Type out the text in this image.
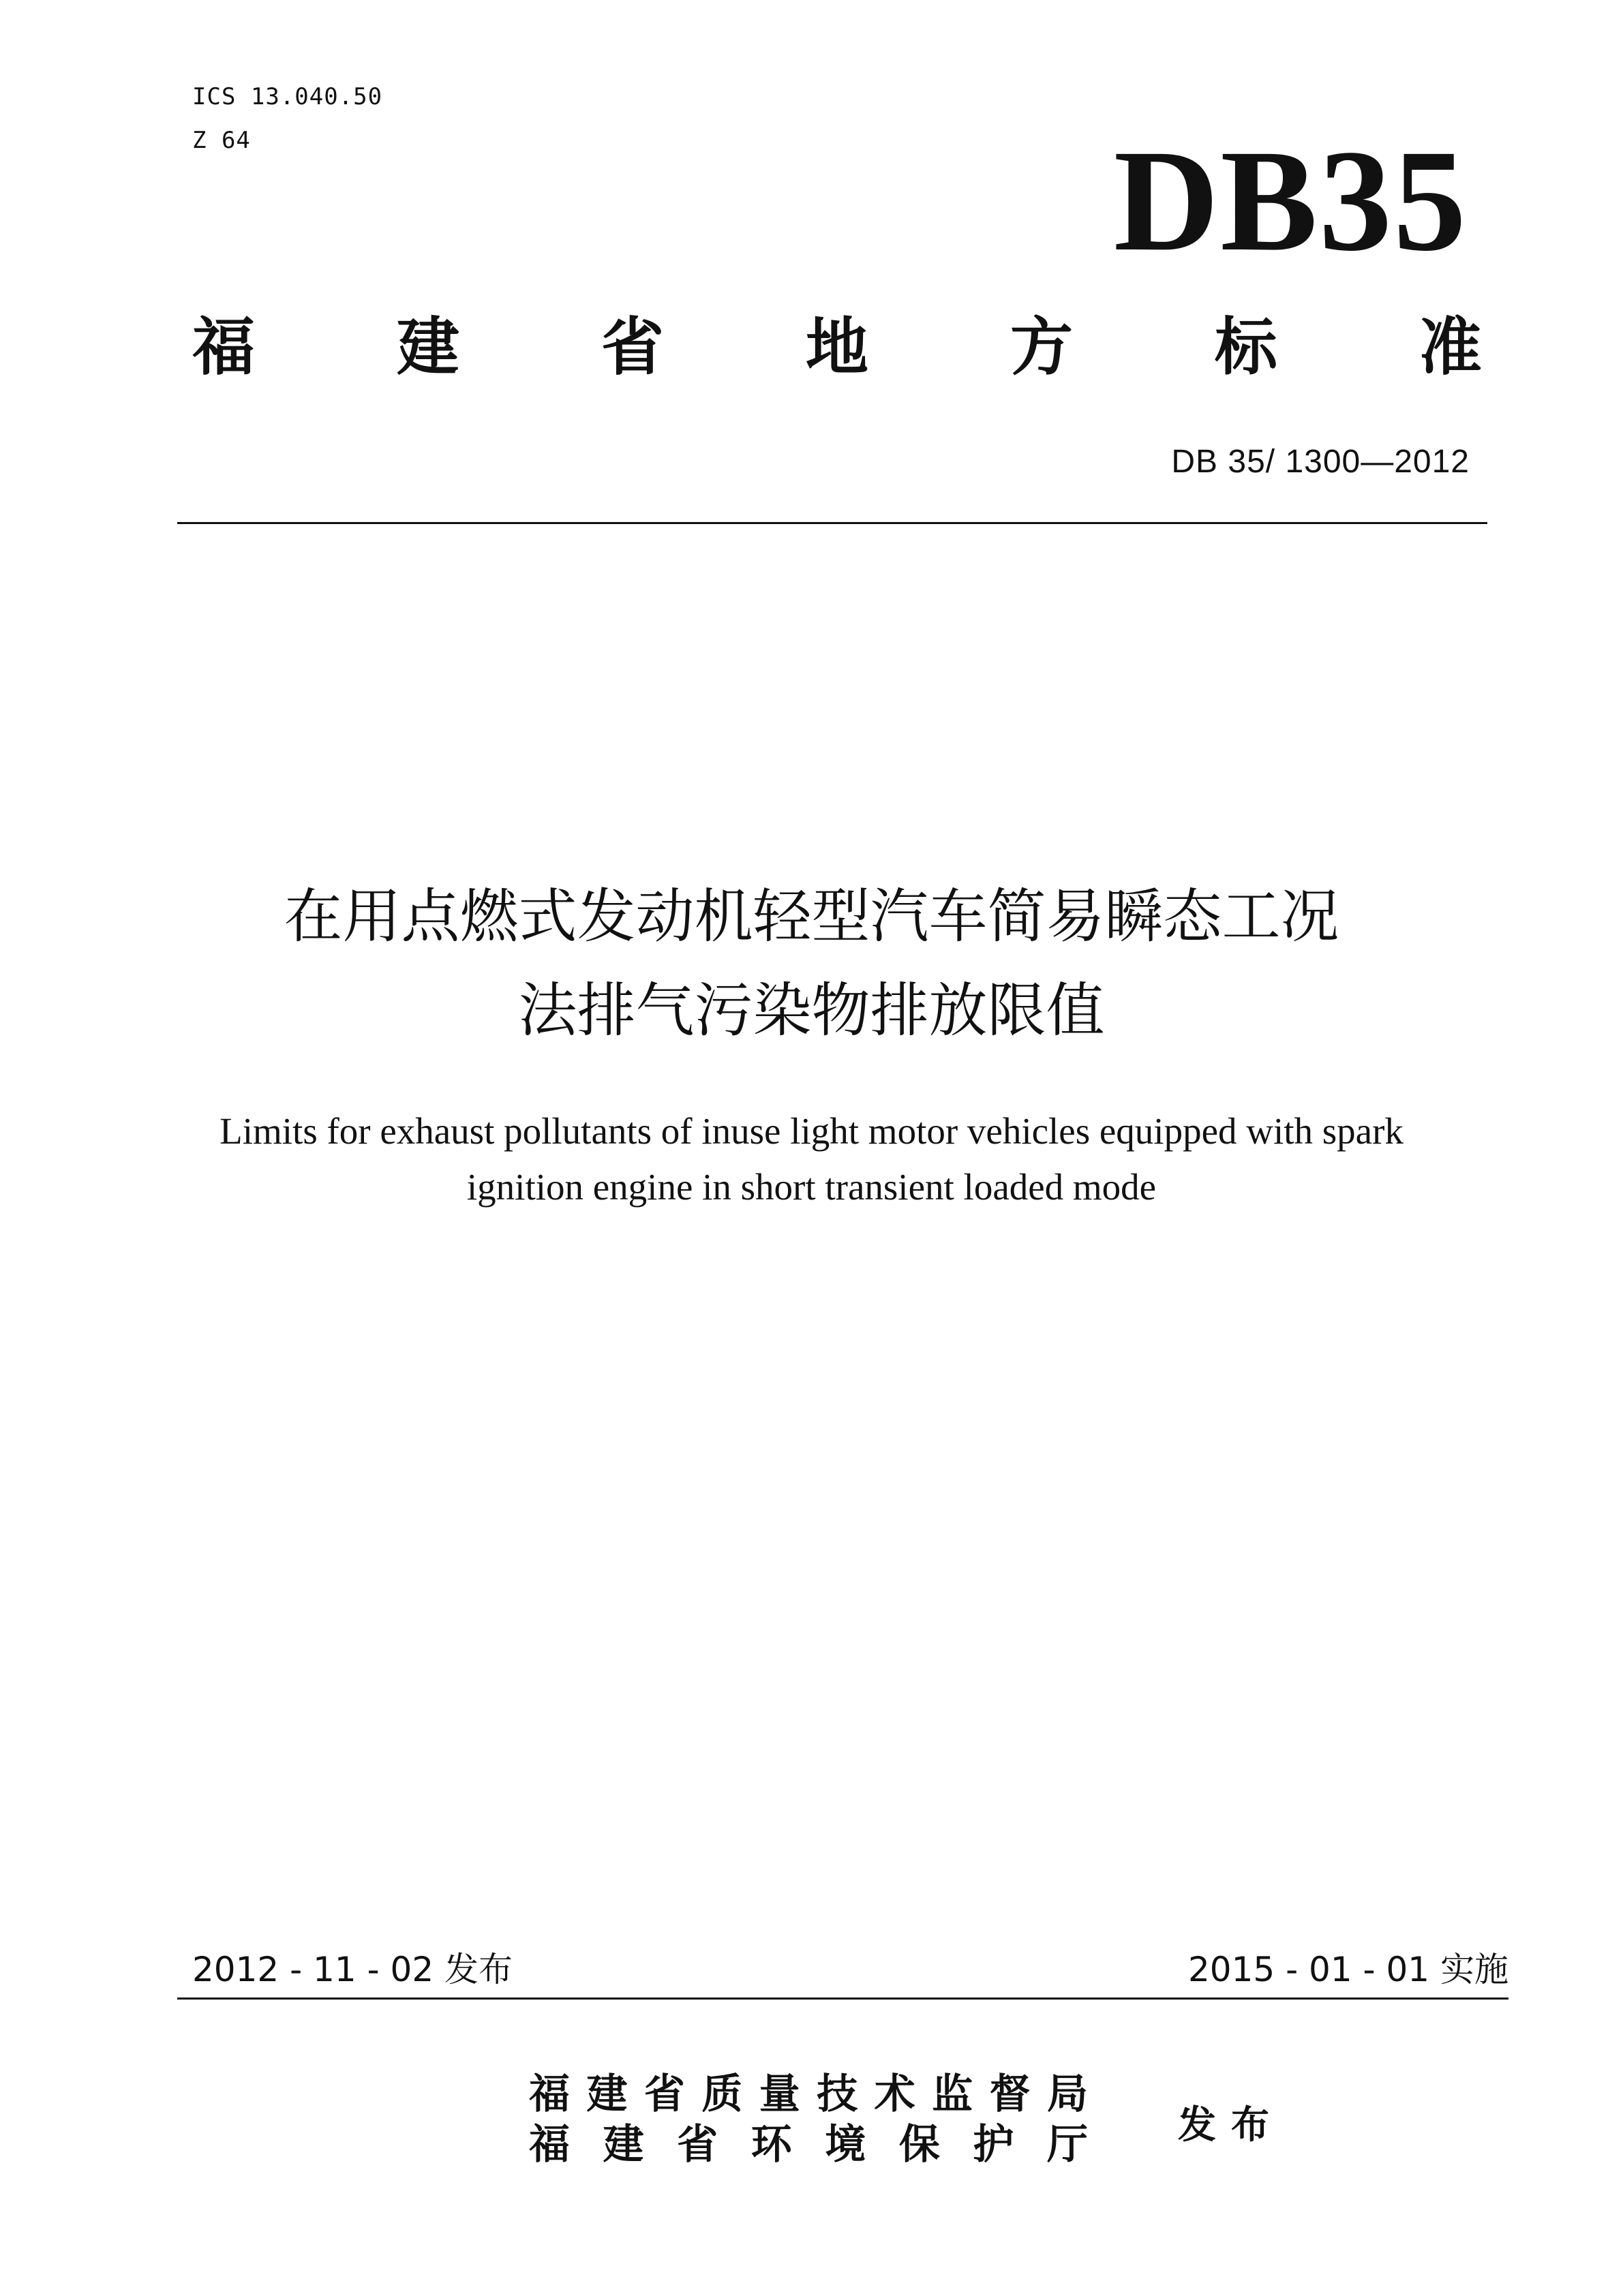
ICS 13.040.50
Z 64	DB35
福 建 省 地 方 标 准
DB 35/ 1300—2012
在用点燃式发动机轻型汽车简易瞬态工况
法排气污染物排放限值
Limits for exhaust pollutants of inuse light motor vehicles equipped with spark
ignition engine in short transient loaded mode
2012 - 11 - 02 发布	2015 - 01 - 01 实施
福 建 省 质 量 技 术 监 督 局
福 建 省 环 境 保 护 厅 发布
